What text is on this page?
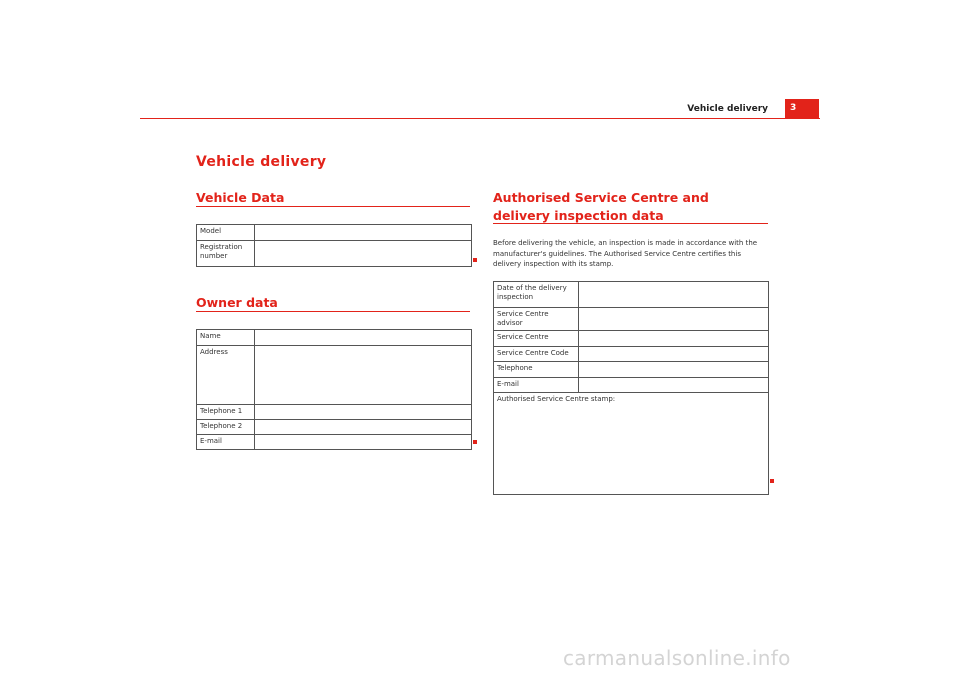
Vehicle delivery	3
Vehicle delivery
Vehicle Data
Model	
Registration number	
Owner data
Name	
Address	
Telephone 1	
Telephone 2	
E-mail	
Authorised Service Centre and delivery inspection data

Before delivering the vehicle, an inspection is made in accordance with the manufacturer's guidelines. The Authorised Service Centre certifies this delivery inspection with its stamp.

Date of the delivery inspection	
Service Centre advisor	
Service Centre	
Service Centre Code	
Telephone	
E-mail	
Authorised Service Centre stamp:	
carmanualsonline.info
